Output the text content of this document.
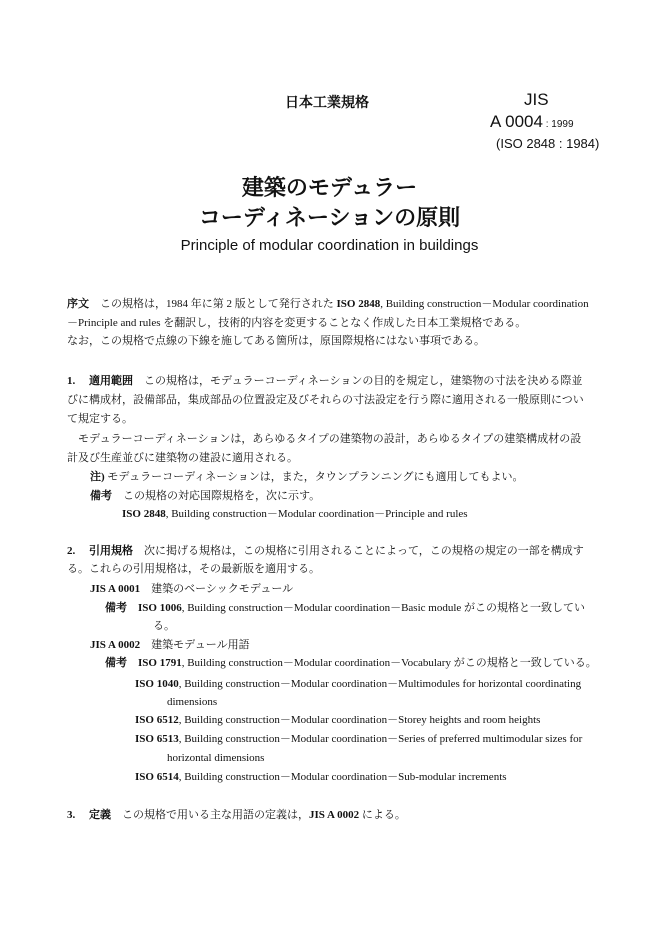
日本工業規格	JIS
A 0004 : 1999
(ISO 2848 : 1984)
建築のモデュラー
コーディネーションの原則
Principle of modular coordination in buildings
序文　この規格は，1984 年に第 2 版として発行された ISO 2848, Building construction－Modular coordination
－Principle and rules を翻訳し，技術的内容を変更することなく作成した日本工業規格である。
なお，この規格で点線の下線を施してある箇所は，原国際規格にはない事項である。
1.　 適用範囲　この規格は，モデュラーコーディネーションの目的を規定し，建築物の寸法を決める際並
びに構成材，設備部品，集成部品の位置設定及びそれらの寸法設定を行う際に適用される一般原則につい
て規定する。
　モデュラーコーディネーションは，あらゆるタイプの建築物の設計，あらゆるタイプの建築構成材の設
計及び生産並びに建築物の建設に適用される。
注) モデュラーコーディネーションは，また，タウンプランニングにも適用してもよい。
備考　この規格の対応国際規格を，次に示す。
ISO 2848, Building construction－Modular coordination－Principle and rules
2.　 引用規格　次に掲げる規格は，この規格に引用されることによって，この規格の規定の一部を構成す
る。これらの引用規格は，その最新版を適用する。
JIS A 0001　建築のベーシックモデュール
備考　 ISO 1006, Building construction－Modular coordination－Basic module がこの規格と一致してい
る。
JIS A 0002　建築モデュール用語
備考　 ISO 1791, Building construction－Modular coordination－Vocabulary がこの規格と一致している。
ISO 1040, Building construction－Modular coordination－Multimodules for horizontal coordinating
dimensions
ISO 6512, Building construction－Modular coordination－Storey heights and room heights
ISO 6513, Building construction－Modular coordination－Series of preferred multimodular sizes for
horizontal dimensions
ISO 6514, Building construction－Modular coordination－Sub-modular increments
3.　 定義　この規格で用いる主な用語の定義は，JIS A 0002 による。
